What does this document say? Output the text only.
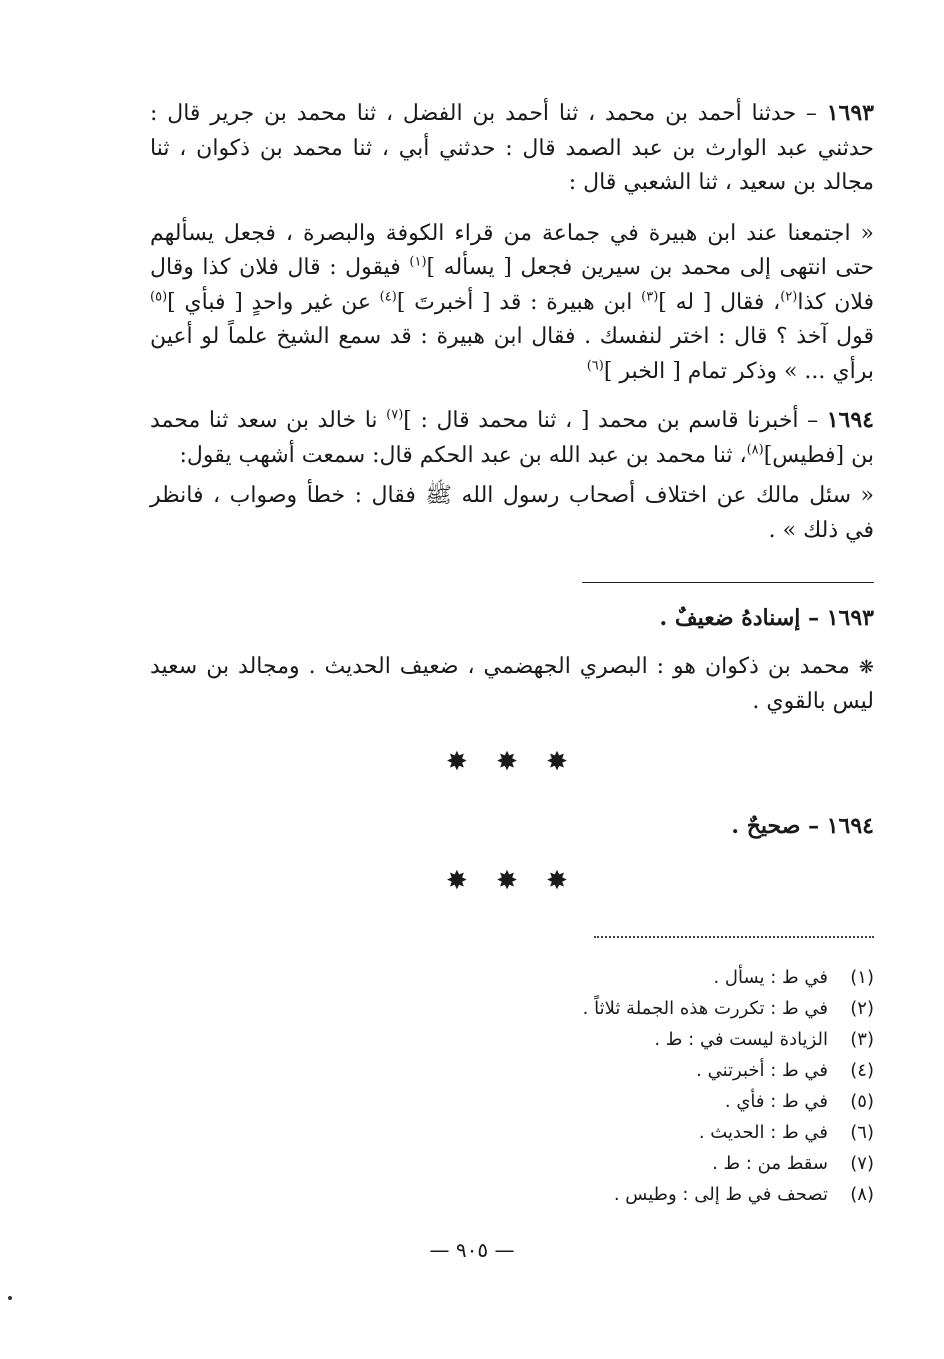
١٦٩٣ – حدثنا أحمد بن محمد ، ثنا أحمد بن الفضل ، ثنا محمد بن جرير قال : حدثني عبد الوارث بن عبد الصمد قال : حدثني أبي ، ثنا محمد بن ذكوان ، ثنا مجالد بن سعيد ، ثنا الشعبي قال :

« اجتمعنا عند ابن هبيرة في جماعة من قراء الكوفة والبصرة ، فجعل يسألهم حتى انتهى إلى محمد بن سيرين فجعل [ يسأله ]$^{(١)}$ فيقول : قال فلان كذا وقال فلان كذا$^{(٢)}$، فقال [ له ]$^{(٣)}$ ابن هبيرة : قد [ أخبرتَ ]$^{(٤)}$ عن غير واحدٍ [ فبأي ]$^{(٥)}$ قول آخذ ؟ قال : اختر لنفسك . فقال ابن هبيرة : قد سمع الشيخ علماً لو أعين برأي ... » وذكر تمام [ الخبر ]$^{(٦)}$

١٦٩٤ – أخبرنا قاسم بن محمد [ ، ثنا محمد قال : ]$^{(٧)}$ نا خالد بن سعد ثنا محمد بن [فطيس]$^{(٨)}$، ثنا محمد بن عبد الله بن عبد الحكم قال: سمعت أشهب يقول:

« سئل مالك عن اختلاف أصحاب رسول الله ﷺ فقال : خطأ وصواب ، فانظر في ذلك » .

١٦٩٣ – إسنادهُ ضعيفٌ .

❋ محمد بن ذكوان هو : البصري الجهضمي ، ضعيف الحديث . ومجالد بن سعيد ليس بالقوي .

✸ ✸ ✸

١٦٩٤ – صحيحٌ .

✸ ✸ ✸
(١)في ط : يسأل .
(٢)في ط : تكررت هذه الجملة ثلاثاً .
(٣)الزيادة ليست في : ط .
(٤)في ط : أخبرتني .
(٥)في ط : فأي .
(٦)في ط : الحديث .
(٧)سقط من : ط .
(٨)تصحف في ط إلى : وطيس .
— ٩٠٥ —
